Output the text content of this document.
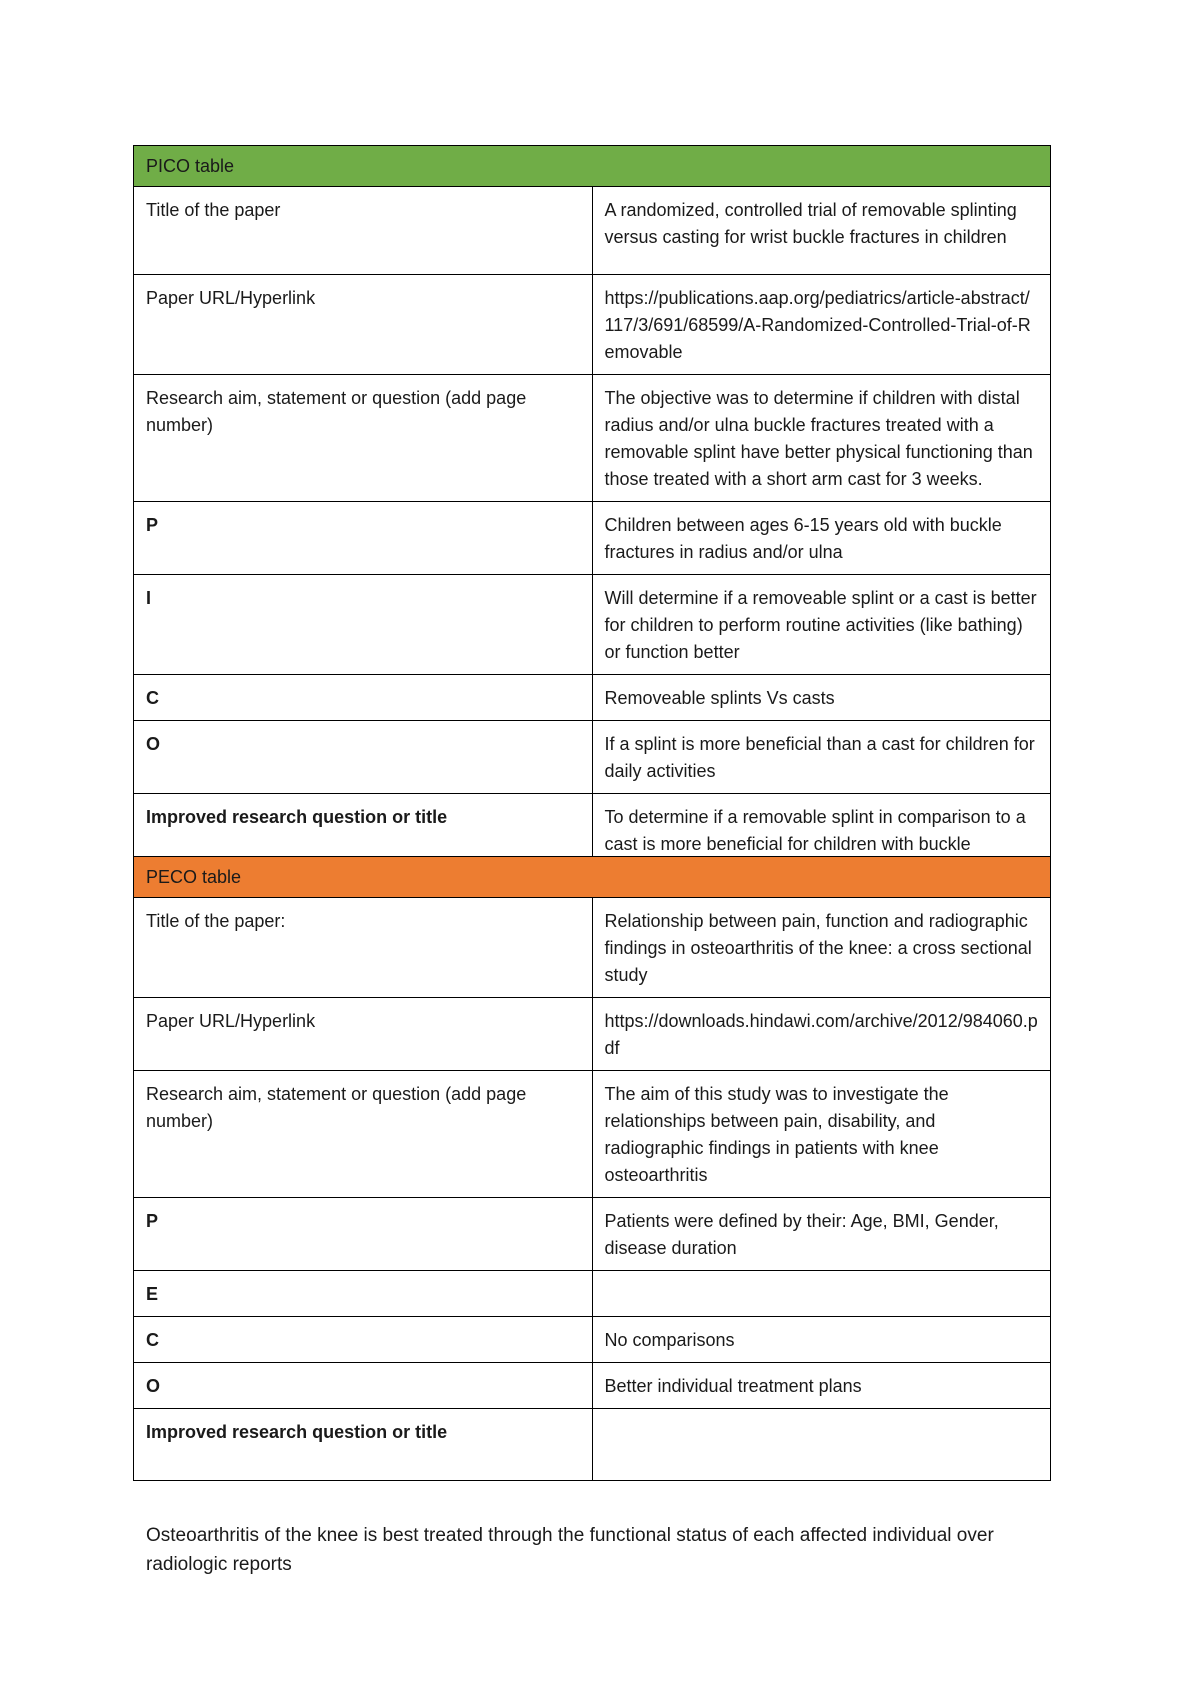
PICO table	
Title of the paper	A randomized, controlled trial of removable splinting versus casting for wrist buckle fractures in children
Paper URL/Hyperlink	https://publications.aap.org/pediatrics/article-abstract/117/3/691/68599/A-Randomized-Controlled-Trial-of-Removable
Research aim, statement or question (add page number)	The objective was to determine if children with distal radius and/or ulna buckle fractures treated with a removable splint have better physical functioning than those treated with a short arm cast for 3 weeks.
P	Children between ages 6-15 years old with buckle fractures in radius and/or ulna
I	Will determine if a removeable splint or a cast is better for children to perform routine activities (like bathing) or function better
C	Removeable splints Vs casts
O	If a splint is more beneficial than a cast for children for daily activities
Improved research question or title	To determine if a removable splint in comparison to a cast is more beneficial for children with buckle
PECO table	
Title of the paper:	Relationship between pain, function and radiographic findings in osteoarthritis of the knee: a cross sectional study
Paper URL/Hyperlink	https://downloads.hindawi.com/archive/2012/984060.pdf
Research aim, statement or question (add page number)	The aim of this study was to investigate the relationships between pain, disability, and radiographic findings in patients with knee osteoarthritis
P	Patients were defined by their: Age, BMI, Gender, disease duration
E	
C	No comparisons
O	Better individual treatment plans
Improved research question or title	

Osteoarthritis of the knee is best treated through the functional status of each affected individual over radiologic reports
